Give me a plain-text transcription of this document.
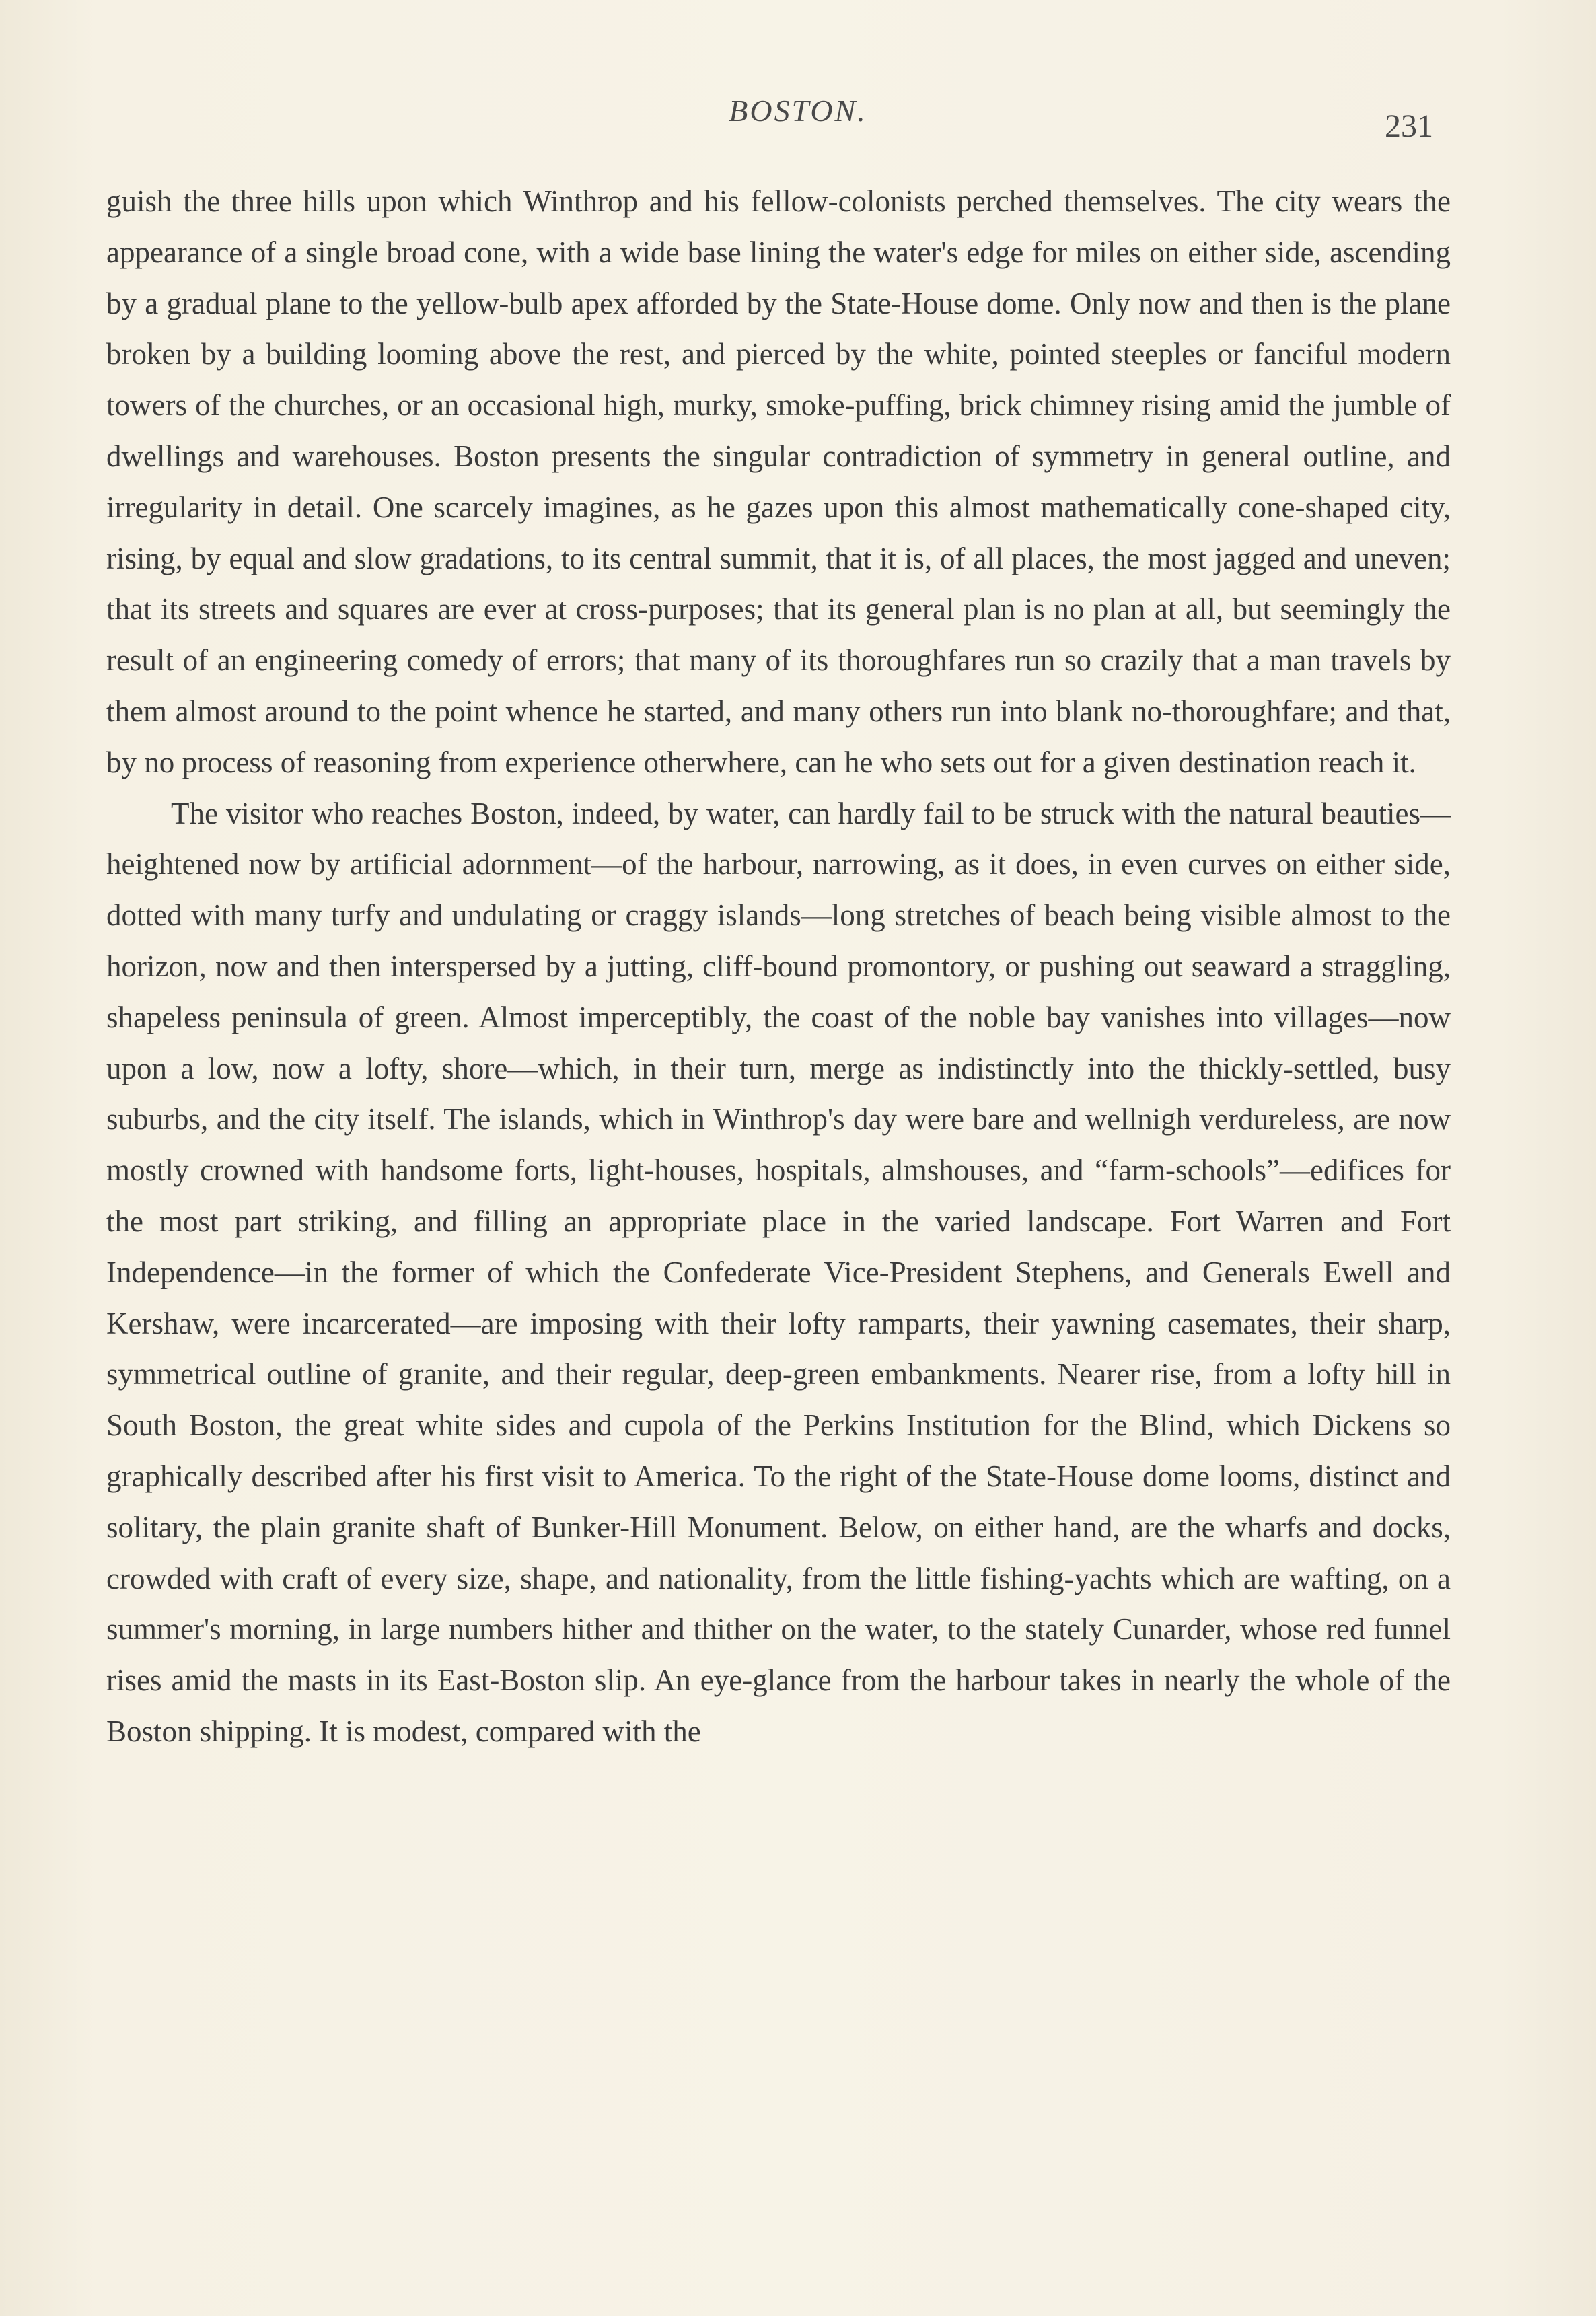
BOSTON.	231

guish the three hills upon which Winthrop and his fellow-colonists perched themselves. The city wears the appearance of a single broad cone, with a wide base lining the water's edge for miles on either side, ascending by a gradual plane to the yellow-bulb apex afforded by the State-House dome. Only now and then is the plane broken by a building looming above the rest, and pierced by the white, pointed steeples or fanciful modern towers of the churches, or an occasional high, murky, smoke-puffing, brick chimney rising amid the jumble of dwellings and warehouses. Boston presents the singular contradiction of symmetry in general outline, and irregularity in detail. One scarcely imagines, as he gazes upon this almost mathematically cone-shaped city, rising, by equal and slow gradations, to its central summit, that it is, of all places, the most jagged and uneven; that its streets and squares are ever at cross-purposes; that its general plan is no plan at all, but seemingly the result of an engineering comedy of errors; that many of its thoroughfares run so crazily that a man travels by them almost around to the point whence he started, and many others run into blank no-thoroughfare; and that, by no process of reasoning from experience otherwhere, can he who sets out for a given destination reach it.

The visitor who reaches Boston, indeed, by water, can hardly fail to be struck with the natural beauties—heightened now by artificial adornment—of the harbour, narrowing, as it does, in even curves on either side, dotted with many turfy and undulating or craggy islands—long stretches of beach being visible almost to the horizon, now and then interspersed by a jutting, cliff-bound promontory, or pushing out seaward a straggling, shapeless peninsula of green. Almost imperceptibly, the coast of the noble bay vanishes into villages—now upon a low, now a lofty, shore—which, in their turn, merge as indistinctly into the thickly-settled, busy suburbs, and the city itself. The islands, which in Winthrop's day were bare and wellnigh verdureless, are now mostly crowned with handsome forts, light-houses, hospitals, almshouses, and “farm-schools”—edifices for the most part striking, and filling an appropriate place in the varied landscape. Fort Warren and Fort Independence—in the former of which the Confederate Vice-President Stephens, and Generals Ewell and Kershaw, were incarcerated—are imposing with their lofty ramparts, their yawning casemates, their sharp, symmetrical outline of granite, and their regular, deep-green embankments. Nearer rise, from a lofty hill in South Boston, the great white sides and cupola of the Perkins Institution for the Blind, which Dickens so graphically described after his first visit to America. To the right of the State-House dome looms, distinct and solitary, the plain granite shaft of Bunker-Hill Monument. Below, on either hand, are the wharfs and docks, crowded with craft of every size, shape, and nationality, from the little fishing-yachts which are wafting, on a summer's morning, in large numbers hither and thither on the water, to the stately Cunarder, whose red funnel rises amid the masts in its East-Boston slip. An eye-glance from the harbour takes in nearly the whole of the Boston shipping. It is modest, compared with the
